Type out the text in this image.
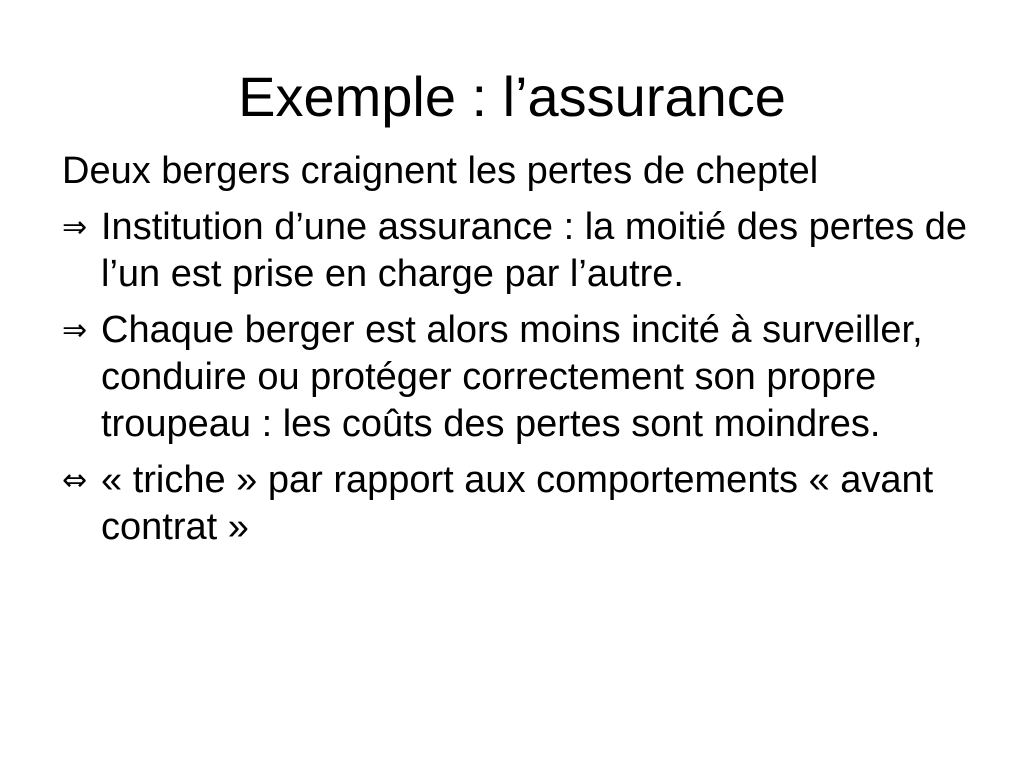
Exemple : l’assurance

Deux bergers craignent les pertes de cheptel

⇒ Institution d’une assurance : la moitié des pertes de l’un est prise en charge par l’autre.

⇒ Chaque berger est alors moins incité à surveiller, conduire ou protéger correctement son propre troupeau : les coûts des pertes sont moindres.

⇔ « triche » par rapport aux comportements « avant contrat »
